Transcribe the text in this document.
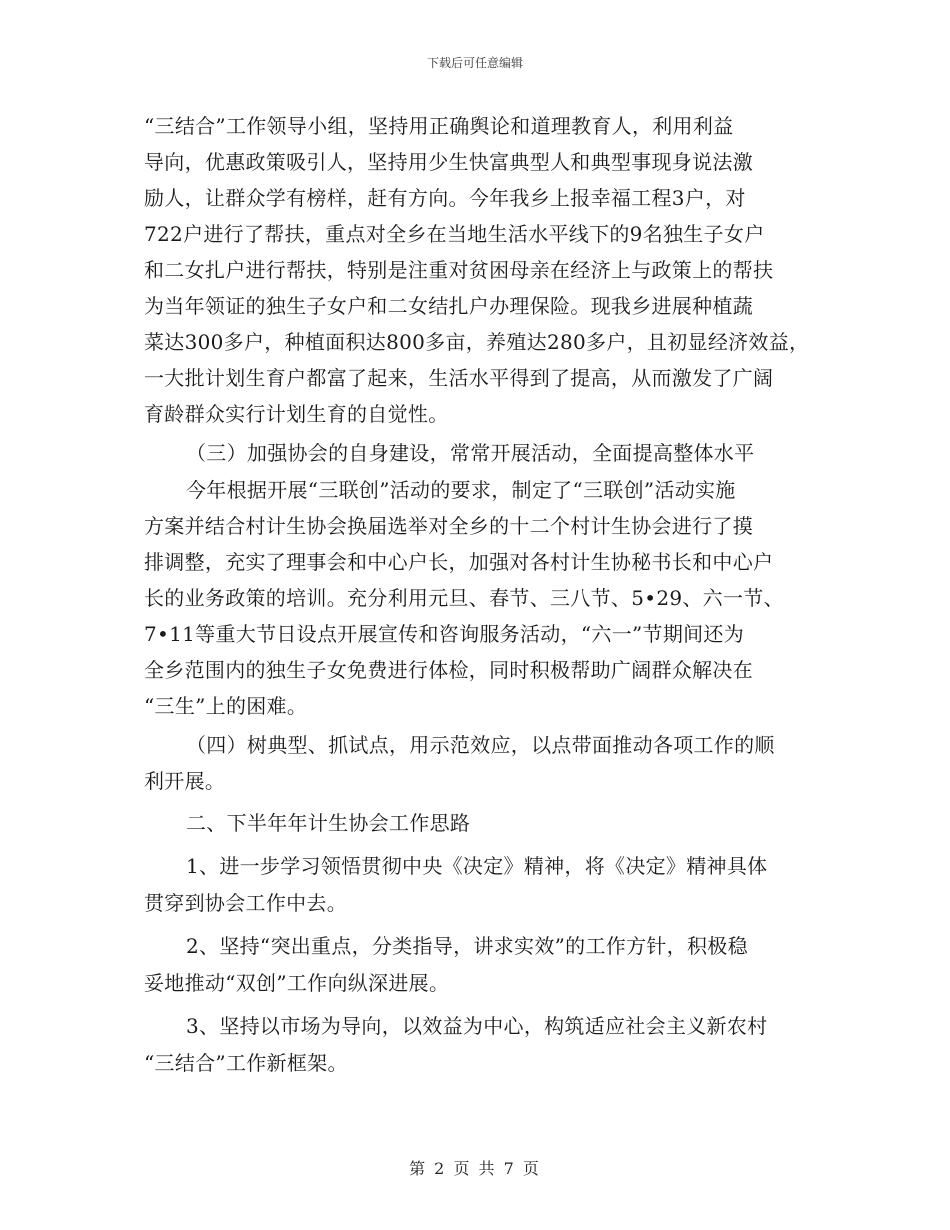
下载后可任意编辑
“三结合”工作领导小组，坚持用正确舆论和道理教育人，利用利益
导向，优惠政策吸引人，坚持用少生快富典型人和典型事现身说法激
励人，让群众学有榜样，赶有方向。今年我乡上报幸福工程3户，对
722户进行了帮扶，重点对全乡在当地生活水平线下的9名独生子女户
和二女扎户进行帮扶，特别是注重对贫困母亲在经济上与政策上的帮扶
为当年领证的独生子女户和二女结扎户办理保险。现我乡进展种植蔬
菜达300多户，种植面积达800多亩，养殖达280多户，且初显经济效益，
一大批计划生育户都富了起来，生活水平得到了提高，从而激发了广阔
育龄群众实行计划生育的自觉性。
（三）加强协会的自身建设，常常开展活动，全面提高整体水平
今年根据开展“三联创”活动的要求，制定了“三联创”活动实施
方案并结合村计生协会换届选举对全乡的十二个村计生协会进行了摸
排调整，充实了理事会和中心户长，加强对各村计生协秘书长和中心户
长的业务政策的培训。充分利用元旦、春节、三八节、5•29、六一节、
7•11等重大节日设点开展宣传和咨询服务活动，“六一”节期间还为
全乡范围内的独生子女免费进行体检，同时积极帮助广阔群众解决在
“三生”上的困难。
（四）树典型、抓试点，用示范效应，以点带面推动各项工作的顺
利开展。
二、下半年年计生协会工作思路
1、进一步学习领悟贯彻中央《决定》精神，将《决定》精神具体
贯穿到协会工作中去。
2、坚持“突出重点，分类指导，讲求实效”的工作方针，积极稳
妥地推动“双创”工作向纵深进展。
3、坚持以市场为导向，以效益为中心，构筑适应社会主义新农村
“三结合”工作新框架。
第 2 页 共 7 页
